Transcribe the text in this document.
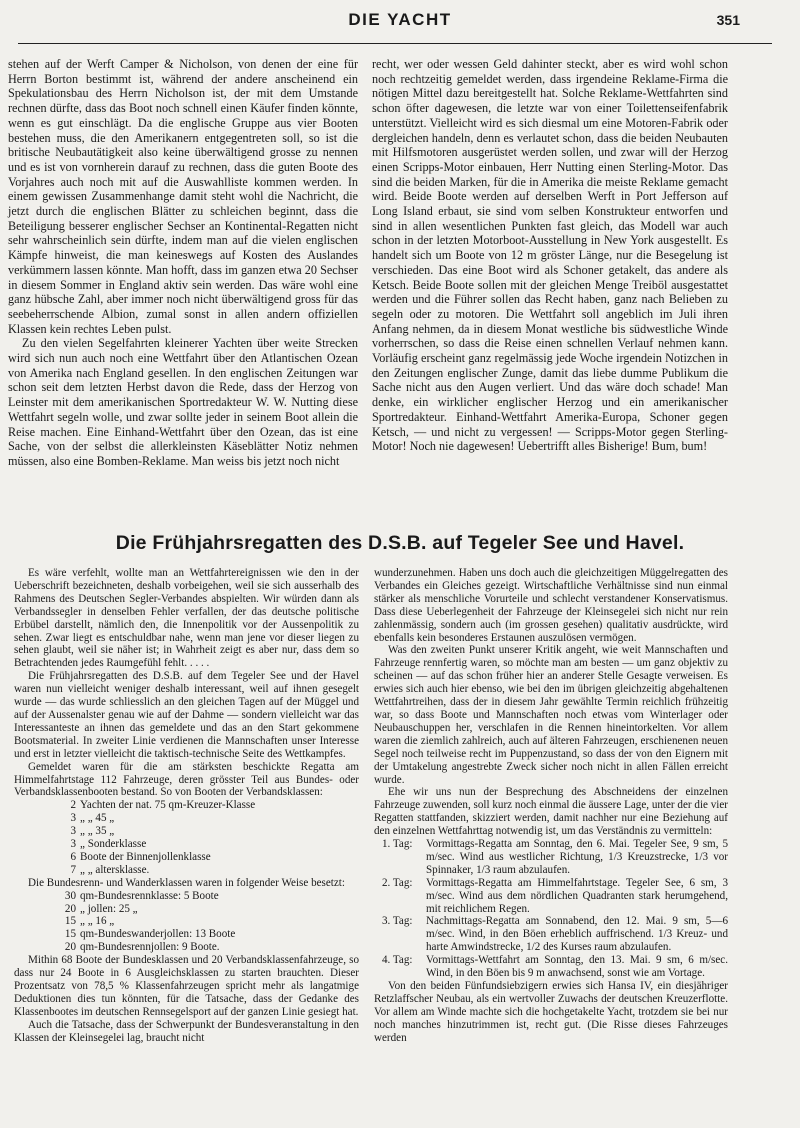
DIE YACHT	351

stehen auf der Werft Camper & Nicholson, von denen der eine für Herrn Borton bestimmt ist, während der andere anscheinend ein Spekulationsbau des Herrn Nicholson ist, der mit dem Umstande rechnen dürfte, dass das Boot noch schnell einen Käufer finden könnte, wenn es gut einschlägt. Da die englische Gruppe aus vier Booten bestehen muss, die den Amerikanern entgegentreten soll, so ist die britische Neubautätigkeit also keine überwältigend grosse zu nennen und es ist von vornherein darauf zu rechnen, dass die guten Boote des Vorjahres auch noch mit auf die Auswahlliste kommen werden. In einem gewissen Zusammenhange damit steht wohl die Nachricht, die jetzt durch die englischen Blätter zu schleichen beginnt, dass die Beteiligung besserer englischer Sechser an Kontinental-Regatten nicht sehr wahrscheinlich sein dürfte, indem man auf die vielen englischen Kämpfe hinweist, die man keineswegs auf Kosten des Auslandes verkümmern lassen könnte. Man hofft, dass im ganzen etwa 20 Sechser in diesem Sommer in England aktiv sein werden. Das wäre wohl eine ganz hübsche Zahl, aber immer noch nicht überwältigend gross für das seebeherrschende Albion, zumal sonst in allen andern offiziellen Klassen kein rechtes Leben pulst.

Zu den vielen Segelfahrten kleinerer Yachten über weite Strecken wird sich nun auch noch eine Wettfahrt über den Atlantischen Ozean von Amerika nach England gesellen. In den englischen Zeitungen war schon seit dem letzten Herbst davon die Rede, dass der Herzog von Leinster mit dem amerikanischen Sportredakteur W. W. Nutting diese Wettfahrt segeln wolle, und zwar sollte jeder in seinem Boot allein die Reise machen. Eine Einhand-Wettfahrt über den Ozean, das ist eine Sache, von der selbst die allerkleinsten Käseblätter Notiz nehmen müssen, also eine Bomben-Reklame. Man weiss bis jetzt noch nicht

recht, wer oder wessen Geld dahinter steckt, aber es wird wohl schon noch rechtzeitig gemeldet werden, dass irgendeine Reklame-Firma die nötigen Mittel dazu bereitgestellt hat. Solche Reklame-Wettfahrten sind schon öfter dagewesen, die letzte war von einer Toilettenseifenfabrik unterstützt. Vielleicht wird es sich diesmal um eine Motoren-Fabrik oder dergleichen handeln, denn es verlautet schon, dass die beiden Neubauten mit Hilfsmotoren ausgerüstet werden sollen, und zwar will der Herzog einen Scripps-Motor einbauen, Herr Nutting einen Sterling-Motor. Das sind die beiden Marken, für die in Amerika die meiste Reklame gemacht wird. Beide Boote werden auf derselben Werft in Port Jefferson auf Long Island erbaut, sie sind vom selben Konstrukteur entworfen und sind in allen wesentlichen Punkten fast gleich, das Modell war auch schon in der letzten Motorboot-Ausstellung in New York ausgestellt. Es handelt sich um Boote von 12 m gröster Länge, nur die Besegelung ist verschieden. Das eine Boot wird als Schoner getakelt, das andere als Ketsch. Beide Boote sollen mit der gleichen Menge Treiböl ausgestattet werden und die Führer sollen das Recht haben, ganz nach Belieben zu segeln oder zu motoren. Die Wettfahrt soll angeblich im Juli ihren Anfang nehmen, da in diesem Monat westliche bis südwestliche Winde vorherrschen, so dass die Reise einen schnellen Verlauf nehmen kann. Vorläufig erscheint ganz regelmässig jede Woche irgendein Notizchen in den Zeitungen englischer Zunge, damit das liebe dumme Publikum die Sache nicht aus den Augen verliert. Und das wäre doch schade! Man denke, ein wirklicher englischer Herzog und ein amerikanischer Sportredakteur. Einhand-Wettfahrt Amerika-Europa, Schoner gegen Ketsch, — und nicht zu vergessen! — Scripps-Motor gegen Sterling-Motor! Noch nie dagewesen! Uebertrifft alles Bisherige! Bum, bum!

Die Frühjahrsregatten des D.S.B. auf Tegeler See und Havel.

Es wäre verfehlt, wollte man an Wettfahrtereignissen wie den in der Ueberschrift bezeichneten, deshalb vorbeigehen, weil sie sich ausserhalb des Rahmens des Deutschen Segler-Verbandes abspielten. Wir würden dann als Verbandssegler in denselben Fehler verfallen, der das deutsche politische Erbübel darstellt, nämlich den, die Innenpolitik vor der Aussenpolitik zu sehen. Zwar liegt es entschuldbar nahe, wenn man jene vor dieser liegen zu sehen glaubt, weil sie näher ist; in Wahrheit zeigt es aber nur, dass dem so Betrachtenden jedes Raumgefühl fehlt. . . . .

Die Frühjahrsregatten des D.S.B. auf dem Tegeler See und der Havel waren nun vielleicht weniger deshalb interessant, weil auf ihnen gesegelt wurde — das wurde schliesslich an den gleichen Tagen auf der Müggel und auf der Aussenalster genau wie auf der Dahme — sondern vielleicht war das Interessanteste an ihnen das gemeldete und das an den Start gekommene Bootsmaterial. In zweiter Linie verdienen die Mannschaften unser Interesse und erst in letzter vielleicht die taktisch-technische Seite des Wettkampfes.

Gemeldet waren für die am stärksten beschickte Regatta am Himmelfahrtstage 112 Fahrzeuge, deren grösster Teil aus Bundes- oder Verbandsklassenbooten bestand. So von Booten der Verbandsklassen:

2 Yachten der nat. 75 qm-Kreuzer-Klasse
3 „ „ 45 „
3 „ „ 35 „
3 „ Sonderklasse
6 Boote der Binnenjollenklasse
7 „ „ altersklasse.

Die Bundesrenn- und Wanderklassen waren in folgender Weise besetzt:

30 qm-Bundesrennklasse: 5 Boote
20 „ jollen: 25 „
15 „ „ 16 „
15 qm-Bundeswanderjollen: 13 Boote
20 qm-Bundesrennjollen: 9 Boote.

Mithin 68 Boote der Bundesklassen und 20 Verbandsklassenfahrzeuge, so dass nur 24 Boote in 6 Ausgleichsklassen zu starten brauchten. Dieser Prozentsatz von 78,5 % Klassenfahrzeugen spricht mehr als langatmige Deduktionen dies tun könnten, für die Tatsache, dass der Gedanke des Klassenbootes im deutschen Rennsegelsport auf der ganzen Linie gesiegt hat.

Auch die Tatsache, dass der Schwerpunkt der Bundesveranstaltung in den Klassen der Kleinsegelei lag, braucht nicht

wunderzunehmen. Haben uns doch auch die gleichzeitigen Müggelregatten des Verbandes ein Gleiches gezeigt. Wirtschaftliche Verhältnisse sind nun einmal stärker als menschliche Vorurteile und schlecht verstandener Konservatismus. Dass diese Ueberlegenheit der Fahrzeuge der Kleinsegelei sich nicht nur rein zahlenmässig, sondern auch (im grossen gesehen) qualitativ ausdrückte, wird ebenfalls kein besonderes Erstaunen auszulösen vermögen.

Was den zweiten Punkt unserer Kritik angeht, wie weit Mannschaften und Fahrzeuge rennfertig waren, so möchte man am besten — um ganz objektiv zu scheinen — auf das schon früher hier an anderer Stelle Gesagte verweisen. Es erwies sich auch hier ebenso, wie bei den im übrigen gleichzeitig abgehaltenen Wettfahrtreihen, dass der in diesem Jahr gewählte Termin reichlich frühzeitig war, so dass Boote und Mannschaften noch etwas vom Winterlager oder Neubauschuppen her, verschlafen in die Rennen hineintorkelten. Vor allem waren die ziemlich zahlreich, auch auf älteren Fahrzeugen, erschienenen neuen Segel noch teilweise recht im Puppenzustand, so dass der von den Eignern mit der Umtakelung angestrebte Zweck sicher noch nicht in allen Fällen erreicht wurde.

Ehe wir uns nun der Besprechung des Abschneidens der einzelnen Fahrzeuge zuwenden, soll kurz noch einmal die äussere Lage, unter der die vier Regatten stattfanden, skizziert werden, damit nachher nur eine Beziehung auf den einzelnen Wettfahrttag notwendig ist, um das Verständnis zu vermitteln:

1. Tag:	Vormittags-Regatta am Sonntag, den 6. Mai. Tegeler See, 9 sm, 5 m/sec. Wind aus westlicher Richtung, 1/3 Kreuzstrecke, 1/3 vor Spinnaker, 1/3 raum abzulaufen.
2. Tag:	Vormittags-Regatta am Himmelfahrtstage. Tegeler See, 6 sm, 3 m/sec. Wind aus dem nördlichen Quadranten stark herumgehend, mit reichlichem Regen.
3. Tag:	Nachmittags-Regatta am Sonnabend, den 12. Mai. 9 sm, 5—6 m/sec. Wind, in den Böen erheblich auffrischend. 1/3 Kreuz- und harte Amwindstrecke, 1/2 des Kurses raum abzulaufen.
4. Tag:	Vormittags-Wettfahrt am Sonntag, den 13. Mai. 9 sm, 6 m/sec. Wind, in den Böen bis 9 m anwachsend, sonst wie am Vortage.

Von den beiden Fünfundsiebzigern erwies sich Hansa IV, ein diesjähriger Retzlaffscher Neubau, als ein wertvoller Zuwachs der deutschen Kreuzerflotte. Vor allem am Winde machte sich die hochgetakelte Yacht, trotzdem sie bei nur noch manches hinzutrimmen ist, recht gut. (Die Risse dieses Fahrzeuges werden
